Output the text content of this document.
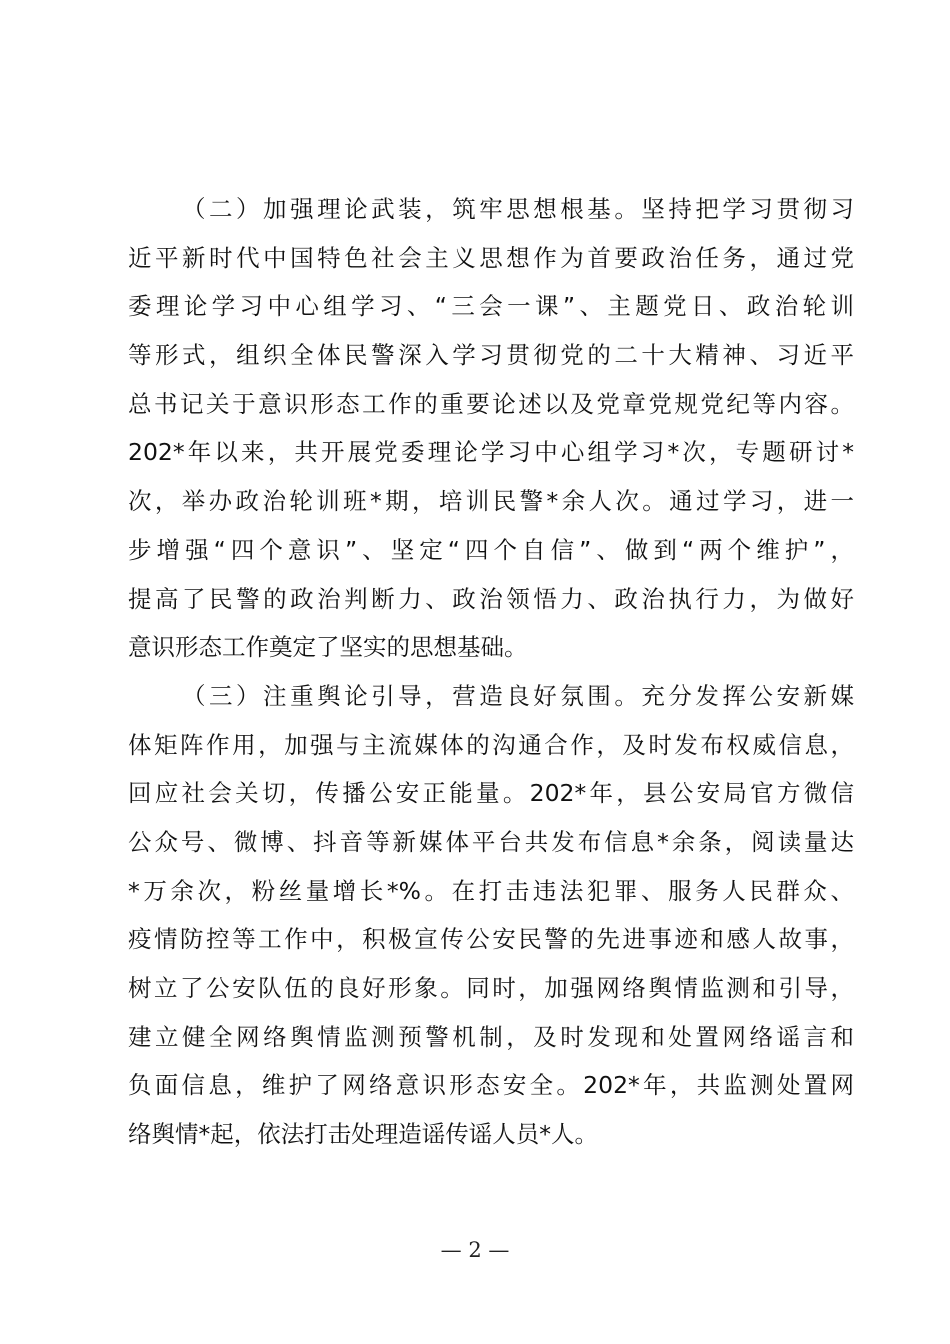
（二）加强理论武装，筑牢思想根基。坚持把学习贯彻习
近平新时代中国特色社会主义思想作为首要政治任务，通过党
委理论学习中心组学习、“三会一课”、主题党日、政治轮训
等形式，组织全体民警深入学习贯彻党的二十大精神、习近平
总书记关于意识形态工作的重要论述以及党章党规党纪等内容。
202*年以来，共开展党委理论学习中心组学习*次，专题研讨*
次，举办政治轮训班*期，培训民警*余人次。通过学习，进一
步增强“四个意识”、坚定“四个自信”、做到“两个维护”，
提高了民警的政治判断力、政治领悟力、政治执行力，为做好
意识形态工作奠定了坚实的思想基础。
（三）注重舆论引导，营造良好氛围。充分发挥公安新媒
体矩阵作用，加强与主流媒体的沟通合作，及时发布权威信息，
回应社会关切，传播公安正能量。202*年，县公安局官方微信
公众号、微博、抖音等新媒体平台共发布信息*余条，阅读量达
*万余次，粉丝量增长*%。在打击违法犯罪、服务人民群众、
疫情防控等工作中，积极宣传公安民警的先进事迹和感人故事，
树立了公安队伍的良好形象。同时，加强网络舆情监测和引导，
建立健全网络舆情监测预警机制，及时发现和处置网络谣言和
负面信息，维护了网络意识形态安全。202*年，共监测处置网
络舆情*起，依法打击处理造谣传谣人员*人。
— 2 —
